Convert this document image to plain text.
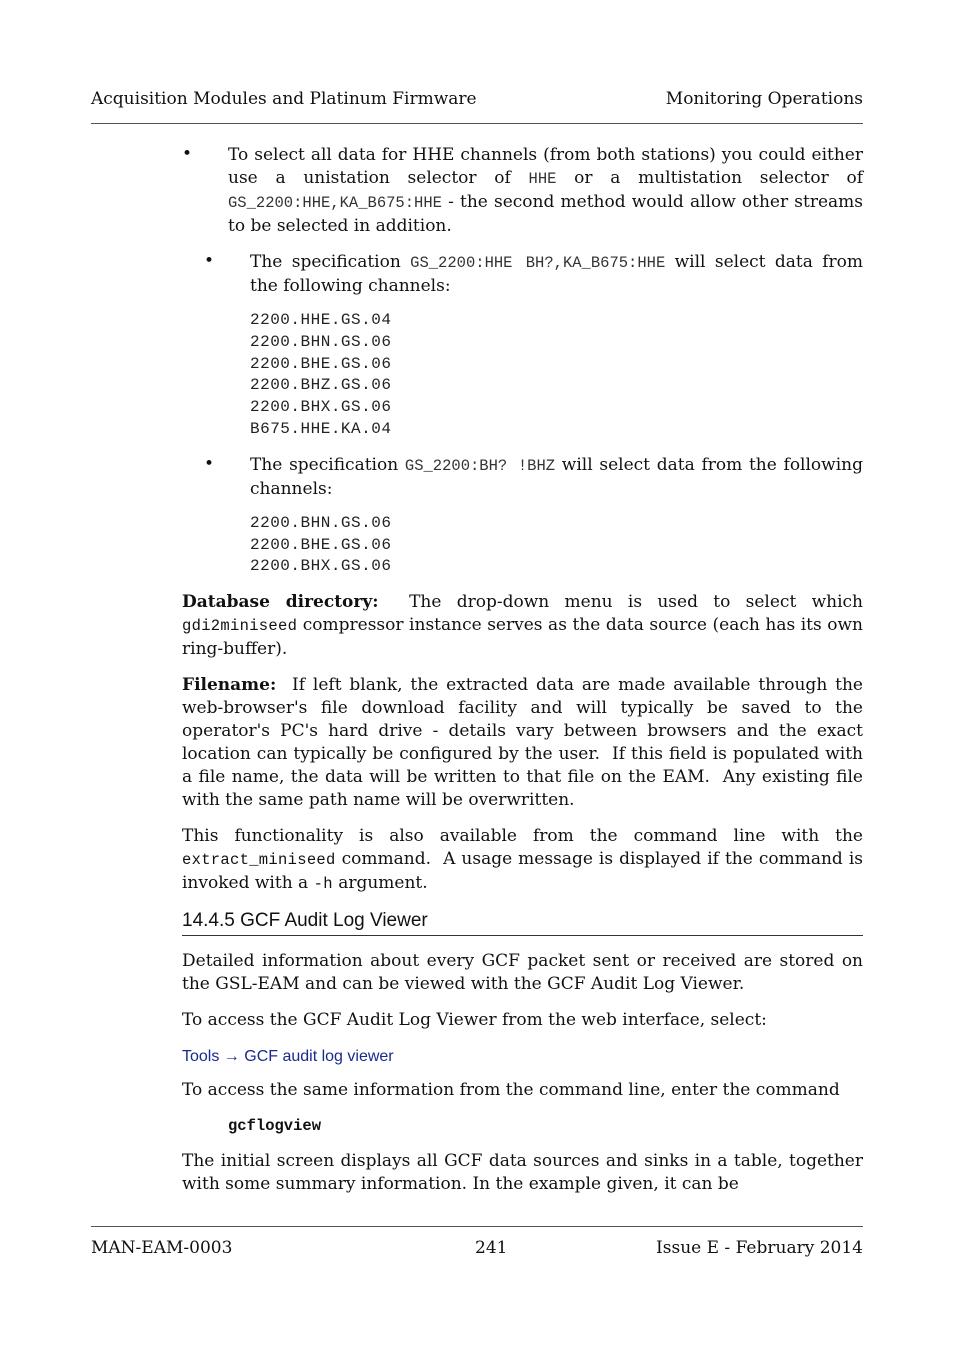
Acquisition Modules and Platinum Firmware	Monitoring Operations
• To select all data for HHE channels (from both stations) you could either use a unistation selector of HHE or a multistation selector of GS_2200:HHE,KA_B675:HHE - the second method would allow other streams to be selected in addition.

• The specification GS_2200:HHE BH?,KA_B675:HHE will select data from the following channels:

2200.HHE.GS.04
2200.BHN.GS.06
2200.BHE.GS.06
2200.BHZ.GS.06
2200.BHX.GS.06
B675.HHE.KA.04
• The specification GS_2200:BH? !BHZ will select data from the following channels:

2200.BHN.GS.06
2200.BHE.GS.06
2200.BHX.GS.06

Database directory:  The drop-down menu is used to select which gdi2miniseed compressor instance serves as the data source (each has its own ring-buffer).

Filename:  If left blank, the extracted data are made available through the web-browser's file download facility and will typically be saved to the operator's PC's hard drive - details vary between browsers and the exact location can typically be configured by the user.  If this field is populated with a file name, the data will be written to that file on the EAM.  Any existing file with the same path name will be overwritten.

This functionality is also available from the command line with the extract_miniseed command.  A usage message is displayed if the command is invoked with a -h argument.

14.4.5 GCF Audit Log Viewer

Detailed information about every GCF packet sent or received are stored on the GSL-EAM and can be viewed with the GCF Audit Log Viewer.

To access the GCF Audit Log Viewer from the web interface, select:

Tools → GCF audit log viewer

To access the same information from the command line, enter the command

gcflogview

The initial screen displays all GCF data sources and sinks in a table, together with some summary information. In the example given, it can be

MAN-EAM-0003	241	Issue E - February 2014
